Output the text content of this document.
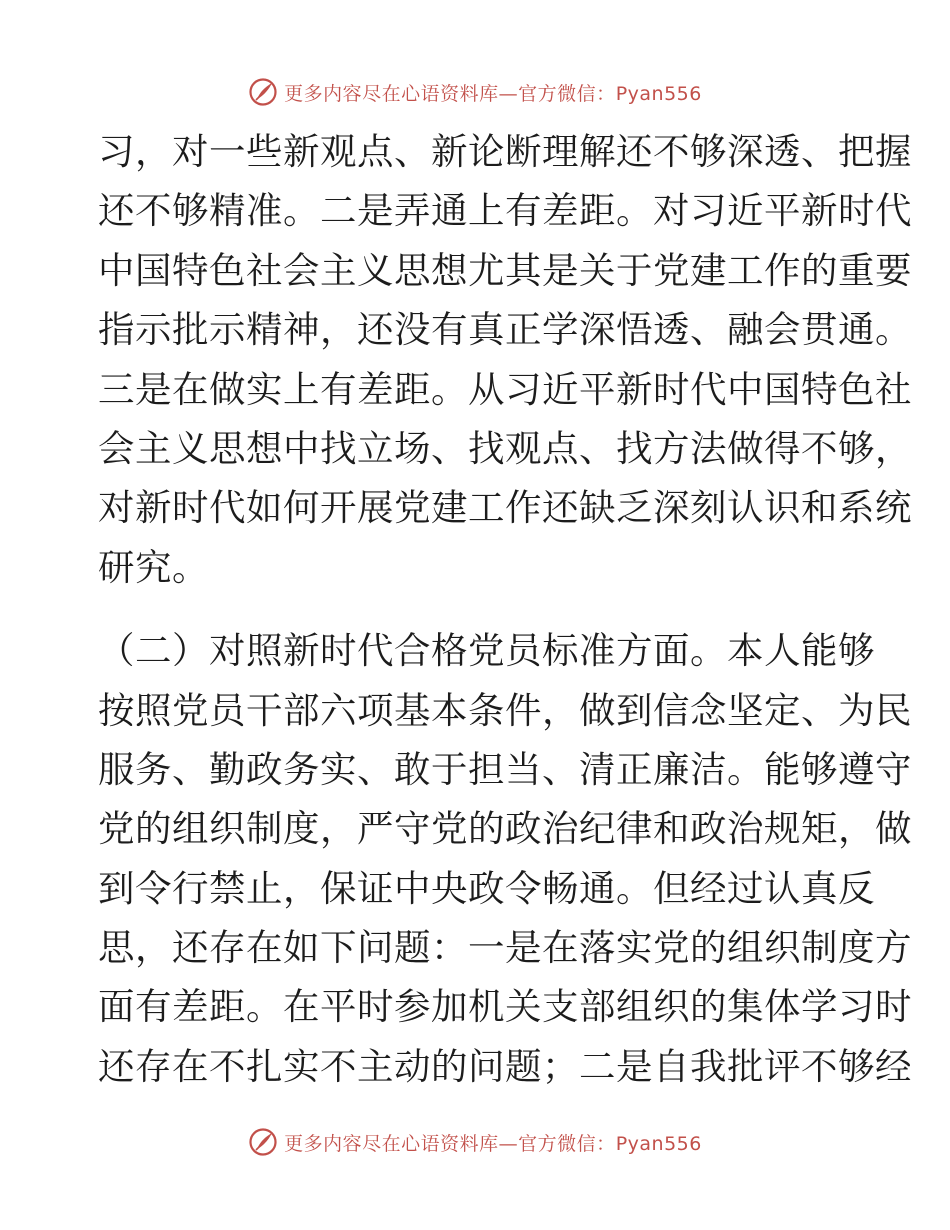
更多内容尽在心语资料库—官方微信：Pyan556
习，对一些新观点、新论断理解还不够深透、把握
还不够精准。二是弄通上有差距。对习近平新时代
中国特色社会主义思想尤其是关于党建工作的重要
指示批示精神，还没有真正学深悟透、融会贯通。
三是在做实上有差距。从习近平新时代中国特色社
会主义思想中找立场、找观点、找方法做得不够，
对新时代如何开展党建工作还缺乏深刻认识和系统
研究。
（二）对照新时代合格党员标准方面。本人能够
按照党员干部六项基本条件，做到信念坚定、为民
服务、勤政务实、敢于担当、清正廉洁。能够遵守
党的组织制度，严守党的政治纪律和政治规矩，做
到令行禁止，保证中央政令畅通。但经过认真反
思，还存在如下问题：一是在落实党的组织制度方
面有差距。在平时参加机关支部组织的集体学习时
还存在不扎实不主动的问题；二是自我批评不够经
更多内容尽在心语资料库—官方微信：Pyan556
